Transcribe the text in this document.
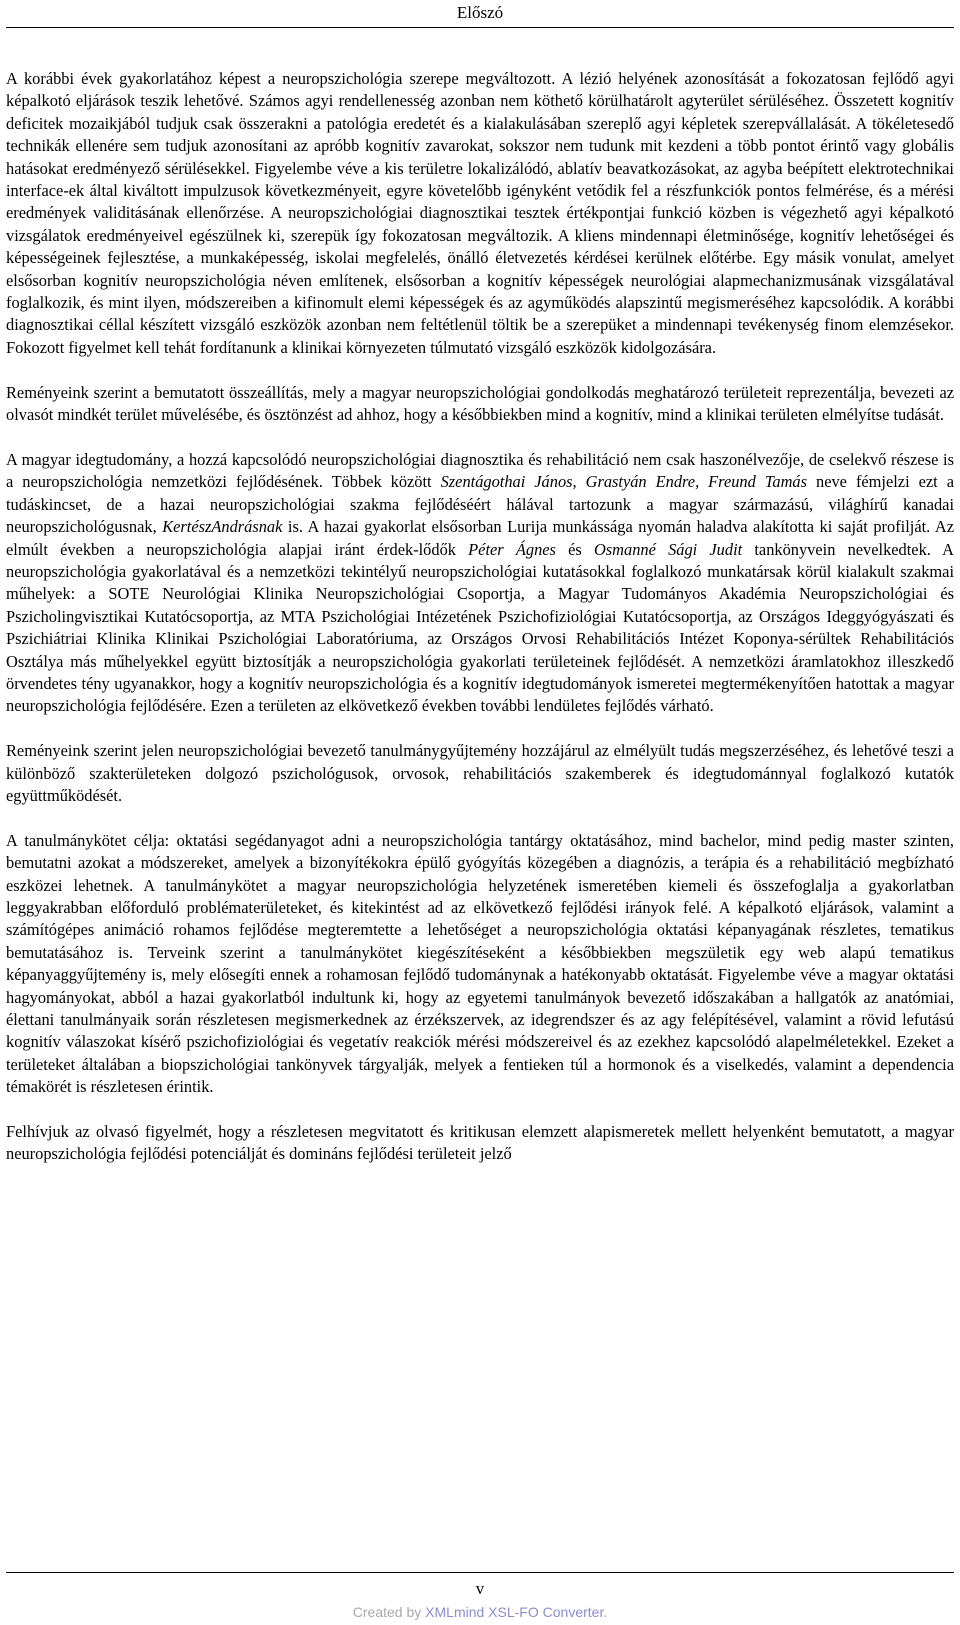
Előszó

A korábbi évek gyakorlatához képest a neuropszichológia szerepe megváltozott. A lézió helyének azonosítását a fokozatosan fejlődő agyi képalkotó eljárások teszik lehetővé. Számos agyi rendellenesség azonban nem köthető körülhatárolt agyterület sérüléséhez. Összetett kognitív deficitek mozaikjából tudjuk csak összerakni a patológia eredetét és a kialakulásában szereplő agyi képletek szerepvállalását. A tökéletesedő technikák ellenére sem tudjuk azonosítani az apróbb kognitív zavarokat, sokszor nem tudunk mit kezdeni a több pontot érintő vagy globális hatásokat eredményező sérülésekkel. Figyelembe véve a kis területre lokalizálódó, ablatív beavatkozásokat, az agyba beépített elektrotechnikai interface-ek által kiváltott impulzusok következményeit, egyre követelőbb igényként vetődik fel a részfunkciók pontos felmérése, és a mérési eredmények validitásának ellenőrzése. A neuropszichológiai diagnosztikai tesztek értékpontjai funkció közben is végezhető agyi képalkotó vizsgálatok eredményeivel egészülnek ki, szerepük így fokozatosan megváltozik. A kliens mindennapi életminősége, kognitív lehetőségei és képességeinek fejlesztése, a munkaképesség, iskolai megfelelés, önálló életvezetés kérdései kerülnek előtérbe. Egy másik vonulat, amelyet elsősorban kognitív neuropszichológia néven említenek, elsősorban a kognitív képességek neurológiai alapmechanizmusának vizsgálatával foglalkozik, és mint ilyen, módszereiben a kifinomult elemi képességek és az agyműködés alapszintű megismeréséhez kapcsolódik. A korábbi diagnosztikai céllal készített vizsgáló eszközök azonban nem feltétlenül töltik be a szerepüket a mindennapi tevékenység finom elemzésekor. Fokozott figyelmet kell tehát fordítanunk a klinikai környezeten túlmutató vizsgáló eszközök kidolgozására.

Reményeink szerint a bemutatott összeállítás, mely a magyar neuropszichológiai gondolkodás meghatározó területeit reprezentálja, bevezeti az olvasót mindkét terület művelésébe, és ösztönzést ad ahhoz, hogy a későbbiekben mind a kognitív, mind a klinikai területen elmélyítse tudását.

A magyar idegtudomány, a hozzá kapcsolódó neuropszichológiai diagnosztika és rehabilitáció nem csak haszonélvezője, de cselekvő részese is a neuropszichológia nemzetközi fejlődésének. Többek között Szentágothai János, Grastyán Endre, Freund Tamás neve fémjelzi ezt a tudáskincset, de a hazai neuropszichológiai szakma fejlődéséért hálával tartozunk a magyar származású, világhírű kanadai neuropszichológusnak, KertészAndrásnak is. A hazai gyakorlat elsősorban Lurija munkássága nyomán haladva alakította ki saját profilját. Az elmúlt években a neuropszichológia alapjai iránt érdek-lődők Péter Ágnes és Osmanné Sági Judit tankönyvein nevelkedtek. A neuropszichológia gyakorlatával és a nemzetközi tekintélyű neuropszichológiai kutatásokkal foglalkozó munkatársak körül kialakult szakmai műhelyek: a SOTE Neurológiai Klinika Neuropszichológiai Csoportja, a Magyar Tudományos Akadémia Neuropszichológiai és Pszicholingvisztikai Kutatócsoportja, az MTA Pszichológiai Intézetének Pszichofiziológiai Kutatócsoportja, az Országos Ideggyógyászati és Pszichiátriai Klinika Klinikai Pszichológiai Laboratóriuma, az Országos Orvosi Rehabilitációs Intézet Koponya-sérültek Rehabilitációs Osztálya más műhelyekkel együtt biztosítják a neuropszichológia gyakorlati területeinek fejlődését. A nemzetközi áramlatokhoz illeszkedő örvendetes tény ugyanakkor, hogy a kognitív neuropszichológia és a kognitív idegtudományok ismeretei megtermékenyítően hatottak a magyar neuropszichológia fejlődésére. Ezen a területen az elkövetkező években további lendületes fejlődés várható.

Reményeink szerint jelen neuropszichológiai bevezető tanulmánygyűjtemény hozzájárul az elmélyült tudás megszerzéséhez, és lehetővé teszi a különböző szakterületeken dolgozó pszichológusok, orvosok, rehabilitációs szakemberek és idegtudománnyal foglalkozó kutatók együttműködését.

A tanulmánykötet célja: oktatási segédanyagot adni a neuropszichológia tantárgy oktatásához, mind bachelor, mind pedig master szinten, bemutatni azokat a módszereket, amelyek a bizonyítékokra épülő gyógyítás közegében a diagnózis, a terápia és a rehabilitáció megbízható eszközei lehetnek. A tanulmánykötet a magyar neuropszichológia helyzetének ismeretében kiemeli és összefoglalja a gyakorlatban leggyakrabban előforduló problématerületeket, és kitekintést ad az elkövetkező fejlődési irányok felé. A képalkotó eljárások, valamint a számítógépes animáció rohamos fejlődése megteremtette a lehetőséget a neuropszichológia oktatási képanyagának részletes, tematikus bemutatásához is. Terveink szerint a tanulmánykötet kiegészítéseként a későbbiekben megszületik egy web alapú tematikus képanyaggyűjtemény is, mely elősegíti ennek a rohamosan fejlődő tudománynak a hatékonyabb oktatását. Figyelembe véve a magyar oktatási hagyományokat, abból a hazai gyakorlatból indultunk ki, hogy az egyetemi tanulmányok bevezető időszakában a hallgatók az anatómiai, élettani tanulmányaik során részletesen megismerkednek az érzékszervek, az idegrendszer és az agy felépítésével, valamint a rövid lefutású kognitív válaszokat kísérő pszichofiziológiai és vegetatív reakciók mérési módszereivel és az ezekhez kapcsolódó alapelméletekkel. Ezeket a területeket általában a biopszichológiai tankönyvek tárgyalják, melyek a fentieken túl a hormonok és a viselkedés, valamint a dependencia témakörét is részletesen érintik.

Felhívjuk az olvasó figyelmét, hogy a részletesen megvitatott és kritikusan elemzett alapismeretek mellett helyenként bemutatott, a magyar neuropszichológia fejlődési potenciálját és domináns fejlődési területeit jelző

v
Created by XMLmind XSL-FO Converter.
